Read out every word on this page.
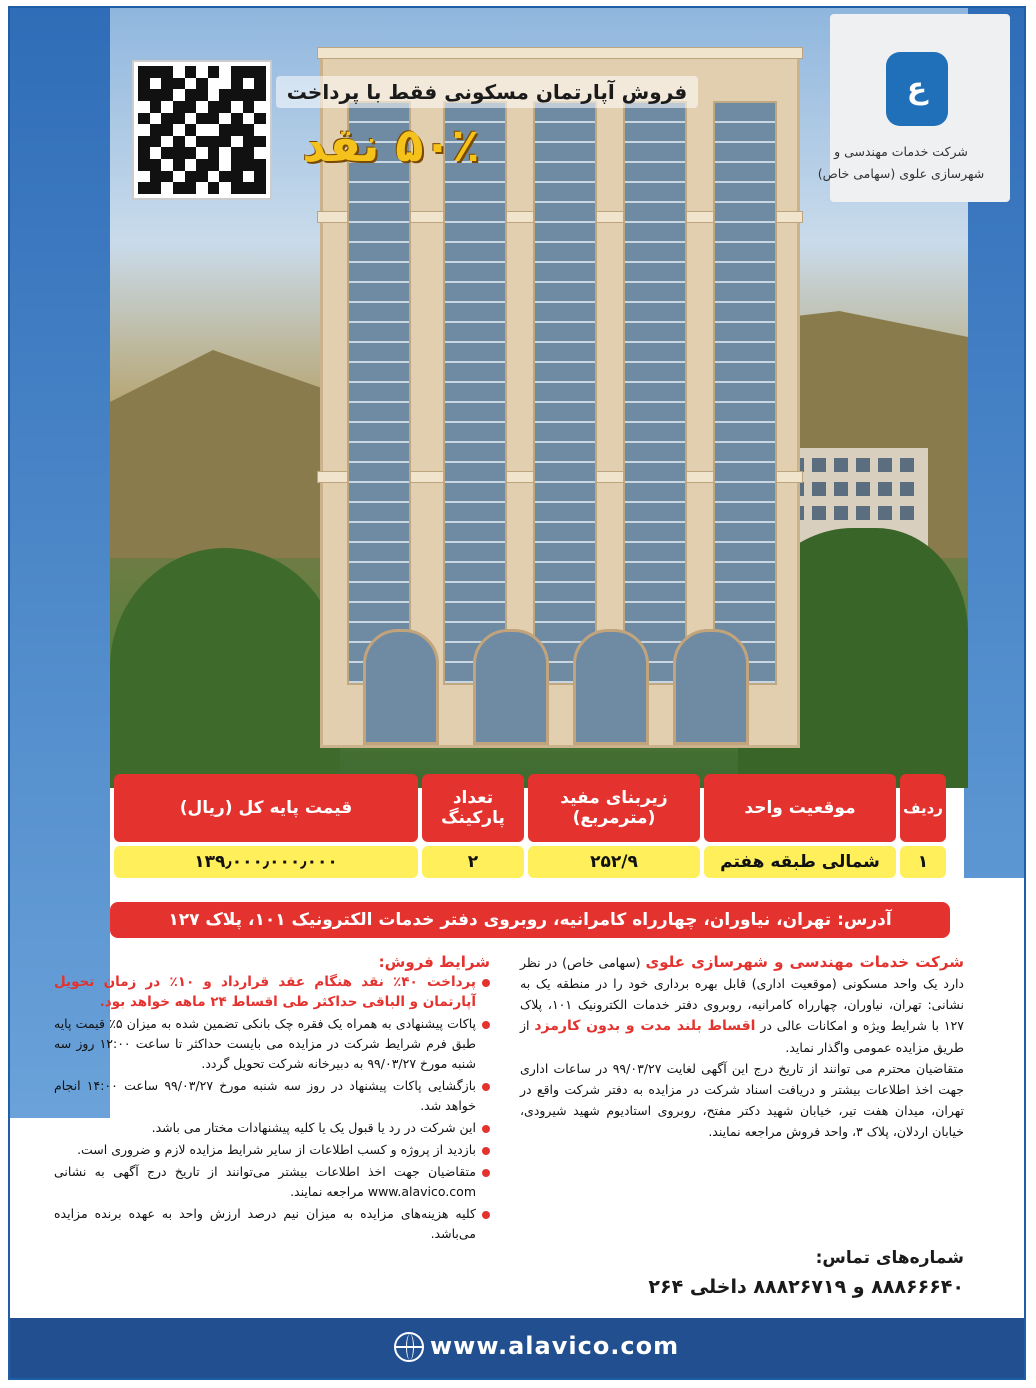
فروش آپارتمان مسکونی فقط با پرداخت
۵۰٪ نقد
ع
شرکت خدمات مهندسی و
شهرسازی علوی (سهامی خاص)
ردیف	موقعیت واحد	زیربنای مفید (مترمربع)	تعداد پارکینگ	قیمت پایه کل (ریال)
۱	شمالی طبقه هفتم	۲۵۲/۹	۲	۱۳۹٫۰۰۰٫۰۰۰٫۰۰۰
آدرس: تهران، نیاوران، چهارراه کامرانیه، روبروی دفتر خدمات الکترونیک ۱۰۱، پلاک ۱۲۷
شرکت خدمات مهندسی و شهرسازی علوی (سهامی خاص) در نظر دارد یک واحد مسکونی (موقعیت اداری) قابل بهره برداری خود را در منطقه یک به نشانی: تهران، نیاوران، چهارراه کامرانیه، روبروی دفتر خدمات الکترونیک ۱۰۱، پلاک ۱۲۷ با شرایط ویژه و امکانات عالی در اقساط بلند مدت و بدون کارمزد از طریق مزایده عمومی واگذار نماید.
متقاضیان محترم می توانند از تاریخ درج این آگهی لغایت ۹۹/۰۳/۲۷ در ساعات اداری جهت اخذ اطلاعات بیشتر و دریافت اسناد شرکت در مزایده به دفتر شرکت واقع در تهران، میدان هفت تیر، خیابان شهید دکتر مفتح، روبروی استادیوم شهید شیرودی، خیابان اردلان، پلاک ۳، واحد فروش مراجعه نمایند.
شماره‌های تماس:
۸۸۸۶۶۶۴۰ و ۸۸۸۲۶۷۱۹ داخلی ۲۶۴
شرایط فروش:
پرداخت ۴۰٪ نقد هنگام عقد قرارداد و ۱۰٪ در زمان تحویل آپارتمان و الباقی حداکثر طی اقساط ۲۴ ماهه خواهد بود.
پاکات پیشنهادی به همراه یک فقره چک بانکی تضمین شده به میزان ۵٪ قیمت پایه طبق فرم شرایط شرکت در مزایده می بایست حداکثر تا ساعت ۱۲:۰۰ روز سه شنبه مورخ ۹۹/۰۳/۲۷ به دبیرخانه شرکت تحویل گردد.
بازگشایی پاکات پیشنهاد در روز سه شنبه مورخ ۹۹/۰۳/۲۷ ساعت ۱۴:۰۰ انجام خواهد شد.
این شرکت در رد یا قبول یک یا کلیه پیشنهادات مختار می باشد.
بازدید از پروژه و کسب اطلاعات از سایر شرایط مزایده لازم و ضروری است.
متقاضیان جهت اخذ اطلاعات بیشتر می‌توانند از تاریخ درج آگهی به نشانی www.alavico.com مراجعه نمایند.
کلیه هزینه‌های مزایده به میزان نیم درصد ارزش واحد به عهده برنده مزایده می‌باشد.
www.alavico.com
